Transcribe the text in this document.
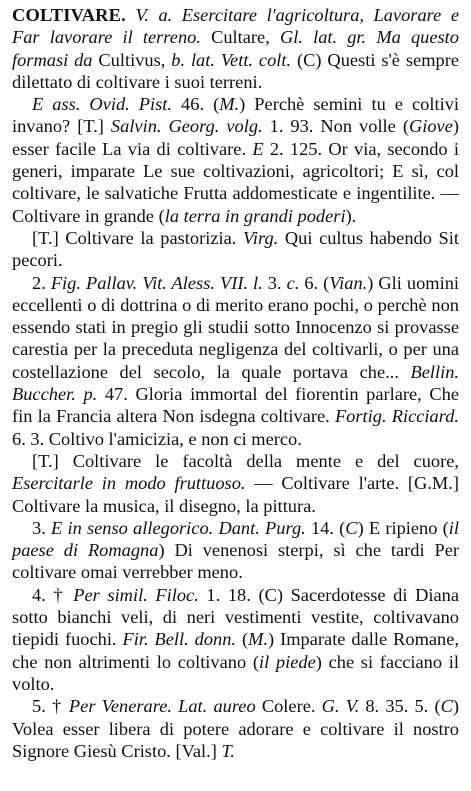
COLTIVARE. V. a. Esercitare l'agricoltura, Lavorare e Far lavorare il terreno. Cultare, Gl. lat. gr. Ma questo formasi da Cultivus, b. lat. Vett. colt. (C) Questi s'è sempre dilettato di coltivare i suoi terreni.

E ass. Ovid. Pist. 46. (M.) Perchè semini tu e coltivi invano? [T.] Salvin. Georg. volg. 1. 93. Non volle (Giove) esser facile La via di coltivare. E 2. 125. Or via, secondo i generi, imparate Le sue coltivazioni, agricoltori; E sì, col coltivare, le salvatiche Frutta addomesticate e ingentilite. — Coltivare in grande (la terra in grandi poderi).

[T.] Coltivare la pastorizia. Virg. Qui cultus habendo Sit pecori.

2. Fig. Pallav. Vit. Aless. VII. l. 3. c. 6. (Vian.) Gli uomini eccellenti o di dottrina o di merito erano pochi, o perchè non essendo stati in pregio gli studii sotto Innocenzo si provasse carestia per la preceduta negligenza del coltivarli, o per una costellazione del secolo, la quale portava che... Bellin. Buccher. p. 47. Gloria immortal del fiorentin parlare, Che fin la Francia altera Non isdegna coltivare. Fortig. Ricciard. 6. 3. Coltivo l'amicizia, e non ci merco.

[T.] Coltivare le facoltà della mente e del cuore, Esercitarle in modo fruttuoso. — Coltivare l'arte. [G.M.] Coltivare la musica, il disegno, la pittura.

3. E in senso allegorico. Dant. Purg. 14. (C) E ripieno (il paese di Romagna) Di venenosi sterpi, sì che tardi Per coltivare omai verrebber meno.

4. † Per simil. Filoc. 1. 18. (C) Sacerdotesse di Diana sotto bianchi veli, di neri vestimenti vestite, coltivavano tiepidi fuochi. Fir. Bell. donn. (M.) Imparate dalle Romane, che non altrimenti lo coltivano (il piede) che si facciano il volto.

5. † Per Venerare. Lat. aureo Colere. G. V. 8. 35. 5. (C) Volea esser libera di potere adorare e coltivare il nostro Signore Giesù Cristo. [Val.] T.
